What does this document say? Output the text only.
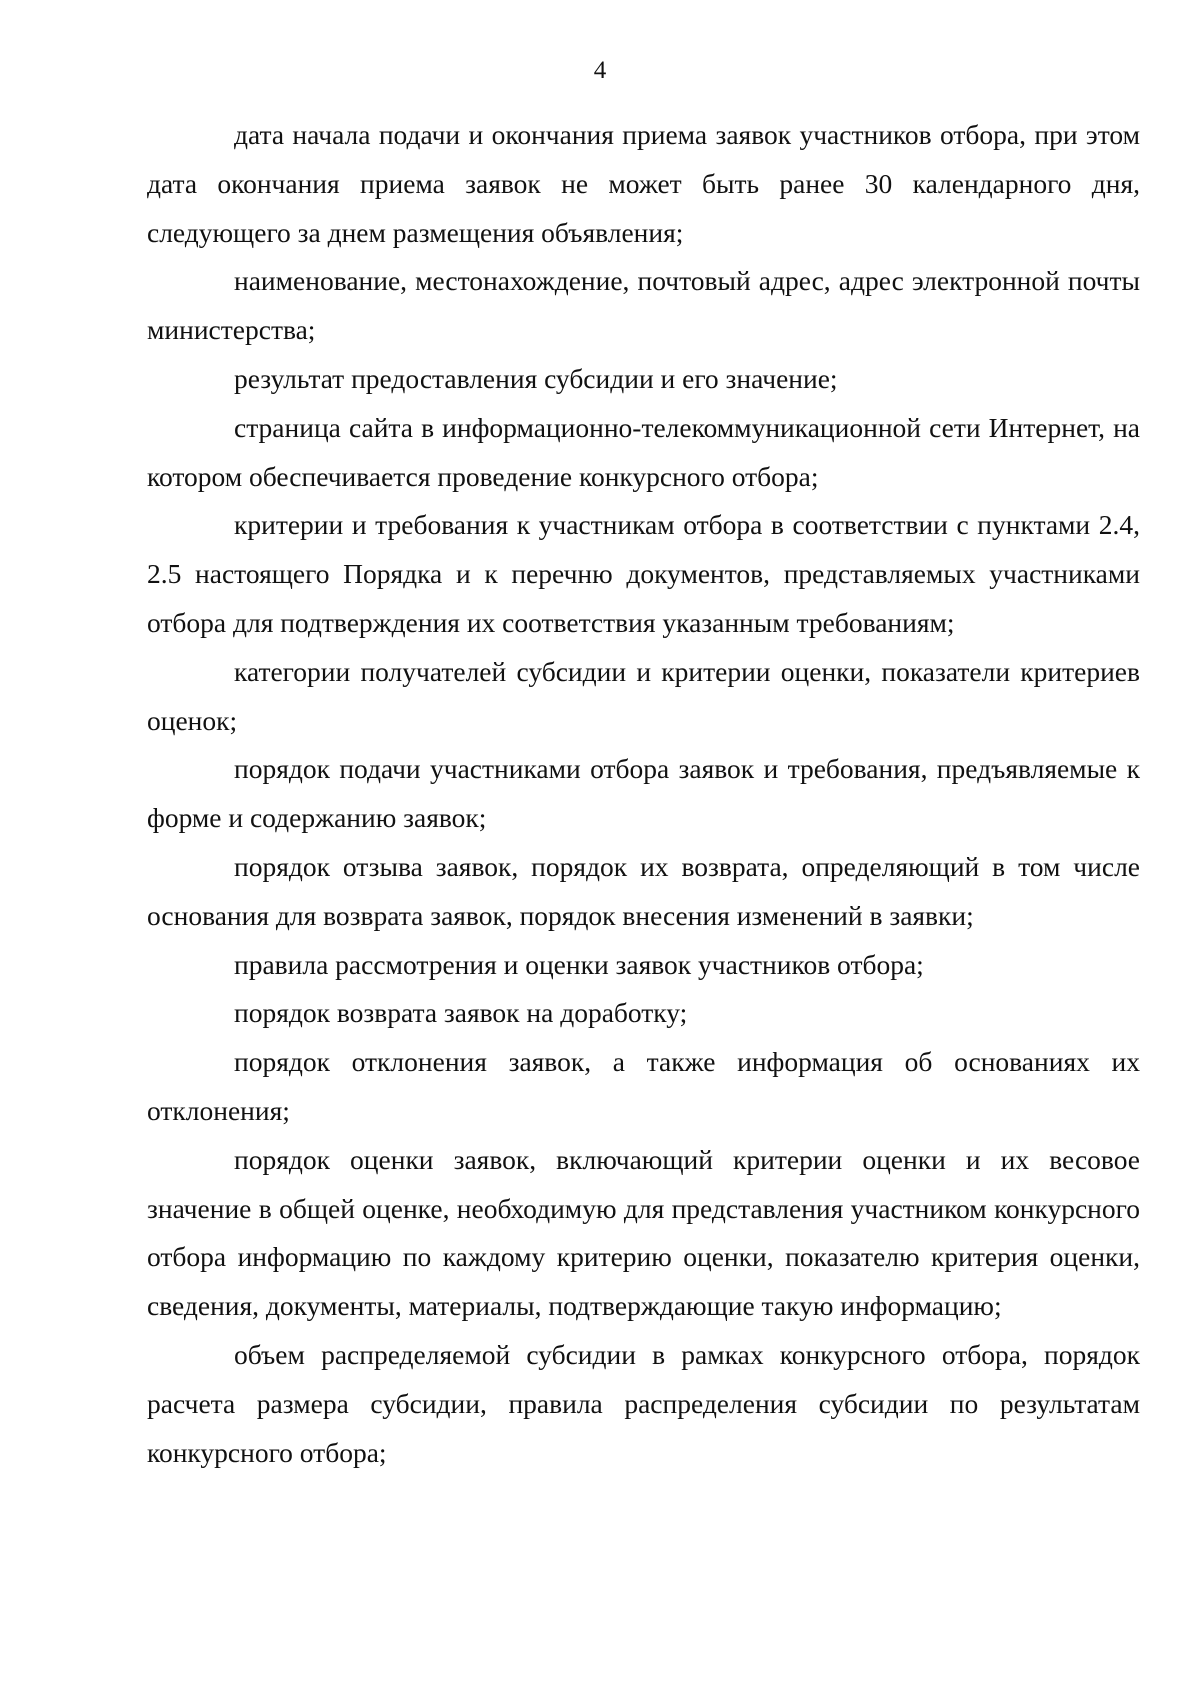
4

дата начала подачи и окончания приема заявок участников отбора, при этом дата окончания приема заявок не может быть ранее 30 календарного дня, следующего за днем размещения объявления;

наименование, местонахождение, почтовый адрес, адрес электронной почты министерства;

результат предоставления субсидии и его значение;

страница сайта в информационно-телекоммуникационной сети Интернет, на котором обеспечивается проведение конкурсного отбора;

критерии и требования к участникам отбора в соответствии с пунктами 2.4, 2.5 настоящего Порядка и к перечню документов, представляемых участниками отбора для подтверждения их соответствия указанным требованиям;

категории получателей субсидии и критерии оценки, показатели критериев оценок;

порядок подачи участниками отбора заявок и требования, предъявляемые к форме и содержанию заявок;

порядок отзыва заявок, порядок их возврата, определяющий в том числе основания для возврата заявок, порядок внесения изменений в заявки;

правила рассмотрения и оценки заявок участников отбора;

порядок возврата заявок на доработку;

порядок отклонения заявок, а также информация об основаниях их отклонения;

порядок оценки заявок, включающий критерии оценки и их весовое значение в общей оценке, необходимую для представления участником конкурсного отбора информацию по каждому критерию оценки, показателю критерия оценки, сведения, документы, материалы, подтверждающие такую информацию;

объем распределяемой субсидии в рамках конкурсного отбора, порядок расчета размера субсидии, правила распределения субсидии по результатам конкурсного отбора;
